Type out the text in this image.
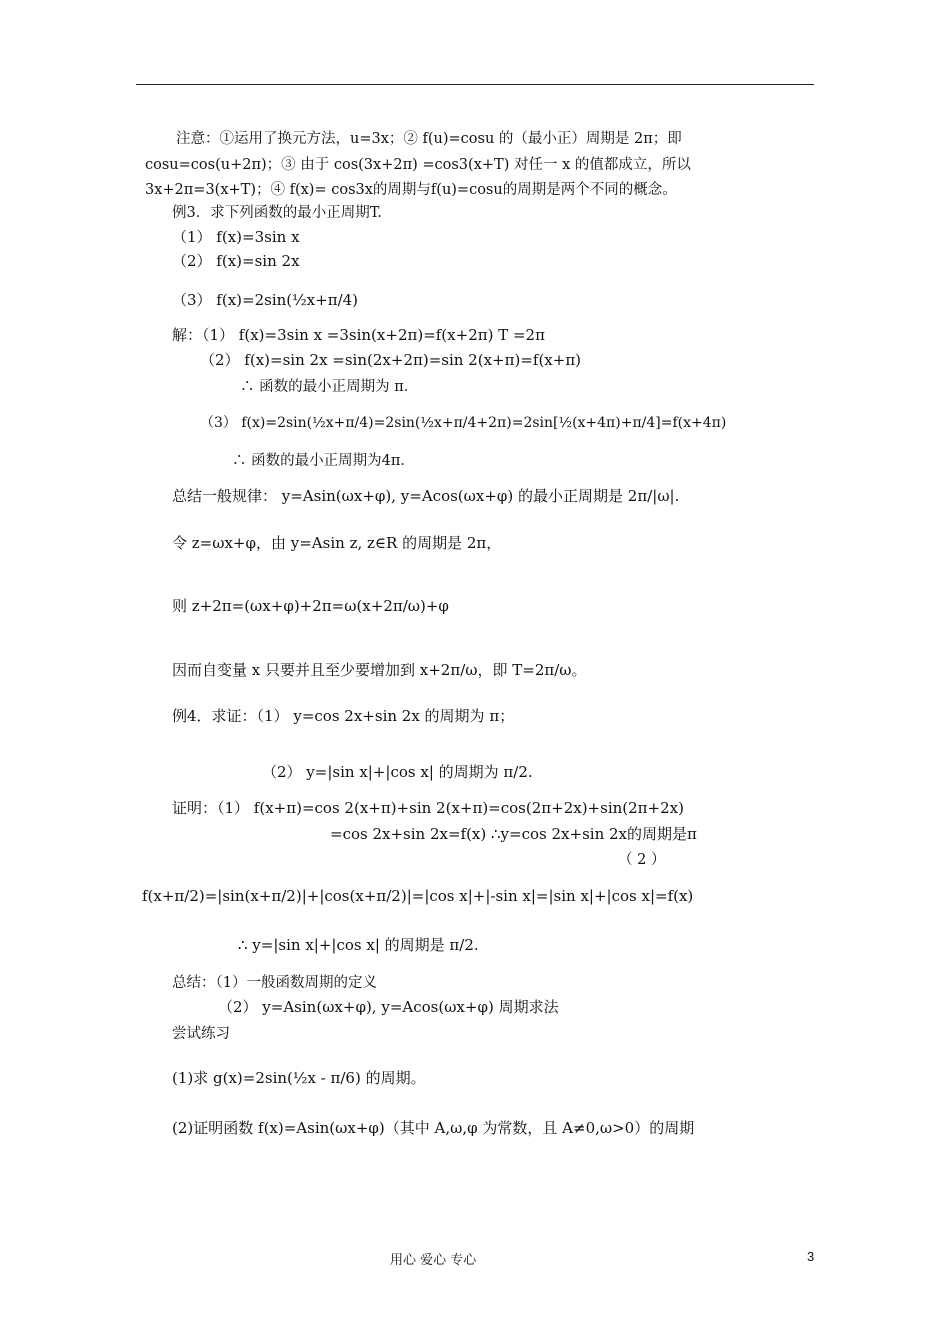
注意：①运用了换元方法，u=3x；② f(u)=cosu 的（最小正）周期是 2π；即
cosu=cos(u+2π)；③ 由于 cos(3x+2π) =cos3(x+T) 对任一 x 的值都成立，所以
3x+2π=3(x+T)；④ f(x)= cos3x的周期与f(u)=cosu的周期是两个不同的概念。
例3．求下列函数的最小正周期T.
（1） f(x)=3sin x
（2） f(x)=sin 2x
（3） f(x)=2sin(½x+π/4)
解：（1） f(x)=3sin x =3sin(x+2π)=f(x+2π) T =2π
（2） f(x)=sin 2x =sin(2x+2π)=sin 2(x+π)=f(x+π)
∴ 函数的最小正周期为 π．
（3） f(x)=2sin(½x+π/4)=2sin(½x+π/4+2π)=2sin[½(x+4π)+π/4]=f(x+4π)
∴ 函数的最小正周期为4π．
总结一般规律： y=Asin(ωx+φ), y=Acos(ωx+φ) 的最小正周期是 2π/|ω|.
令 z=ωx+φ，由 y=Asin z, z∈R 的周期是 2π，
则 z+2π=(ωx+φ)+2π=ω(x+2π/ω)+φ
因而自变量 x 只要并且至少要增加到 x+2π/ω，即 T=2π/ω。
例4．求证：（1） y=cos 2x+sin 2x 的周期为 π；
（2） y=|sin x|+|cos x| 的周期为 π/2.
证明：（1） f(x+π)=cos 2(x+π)+sin 2(x+π)=cos(2π+2x)+sin(2π+2x)
=cos 2x+sin 2x=f(x) ∴y=cos 2x+sin 2x的周期是π
（ 2 ）
f(x+π/2)=|sin(x+π/2)|+|cos(x+π/2)|=|cos x|+|-sin x|=|sin x|+|cos x|=f(x)
∴ y=|sin x|+|cos x| 的周期是 π/2.
总结：（1）一般函数周期的定义
（2） y=Asin(ωx+φ), y=Acos(ωx+φ) 周期求法
尝试练习
(1)求 g(x)=2sin(½x - π/6) 的周期。
(2)证明函数 f(x)=Asin(ωx+φ)（其中 A,ω,φ 为常数，且 A≠0,ω>0）的周期
用心 爱心 专心	3
